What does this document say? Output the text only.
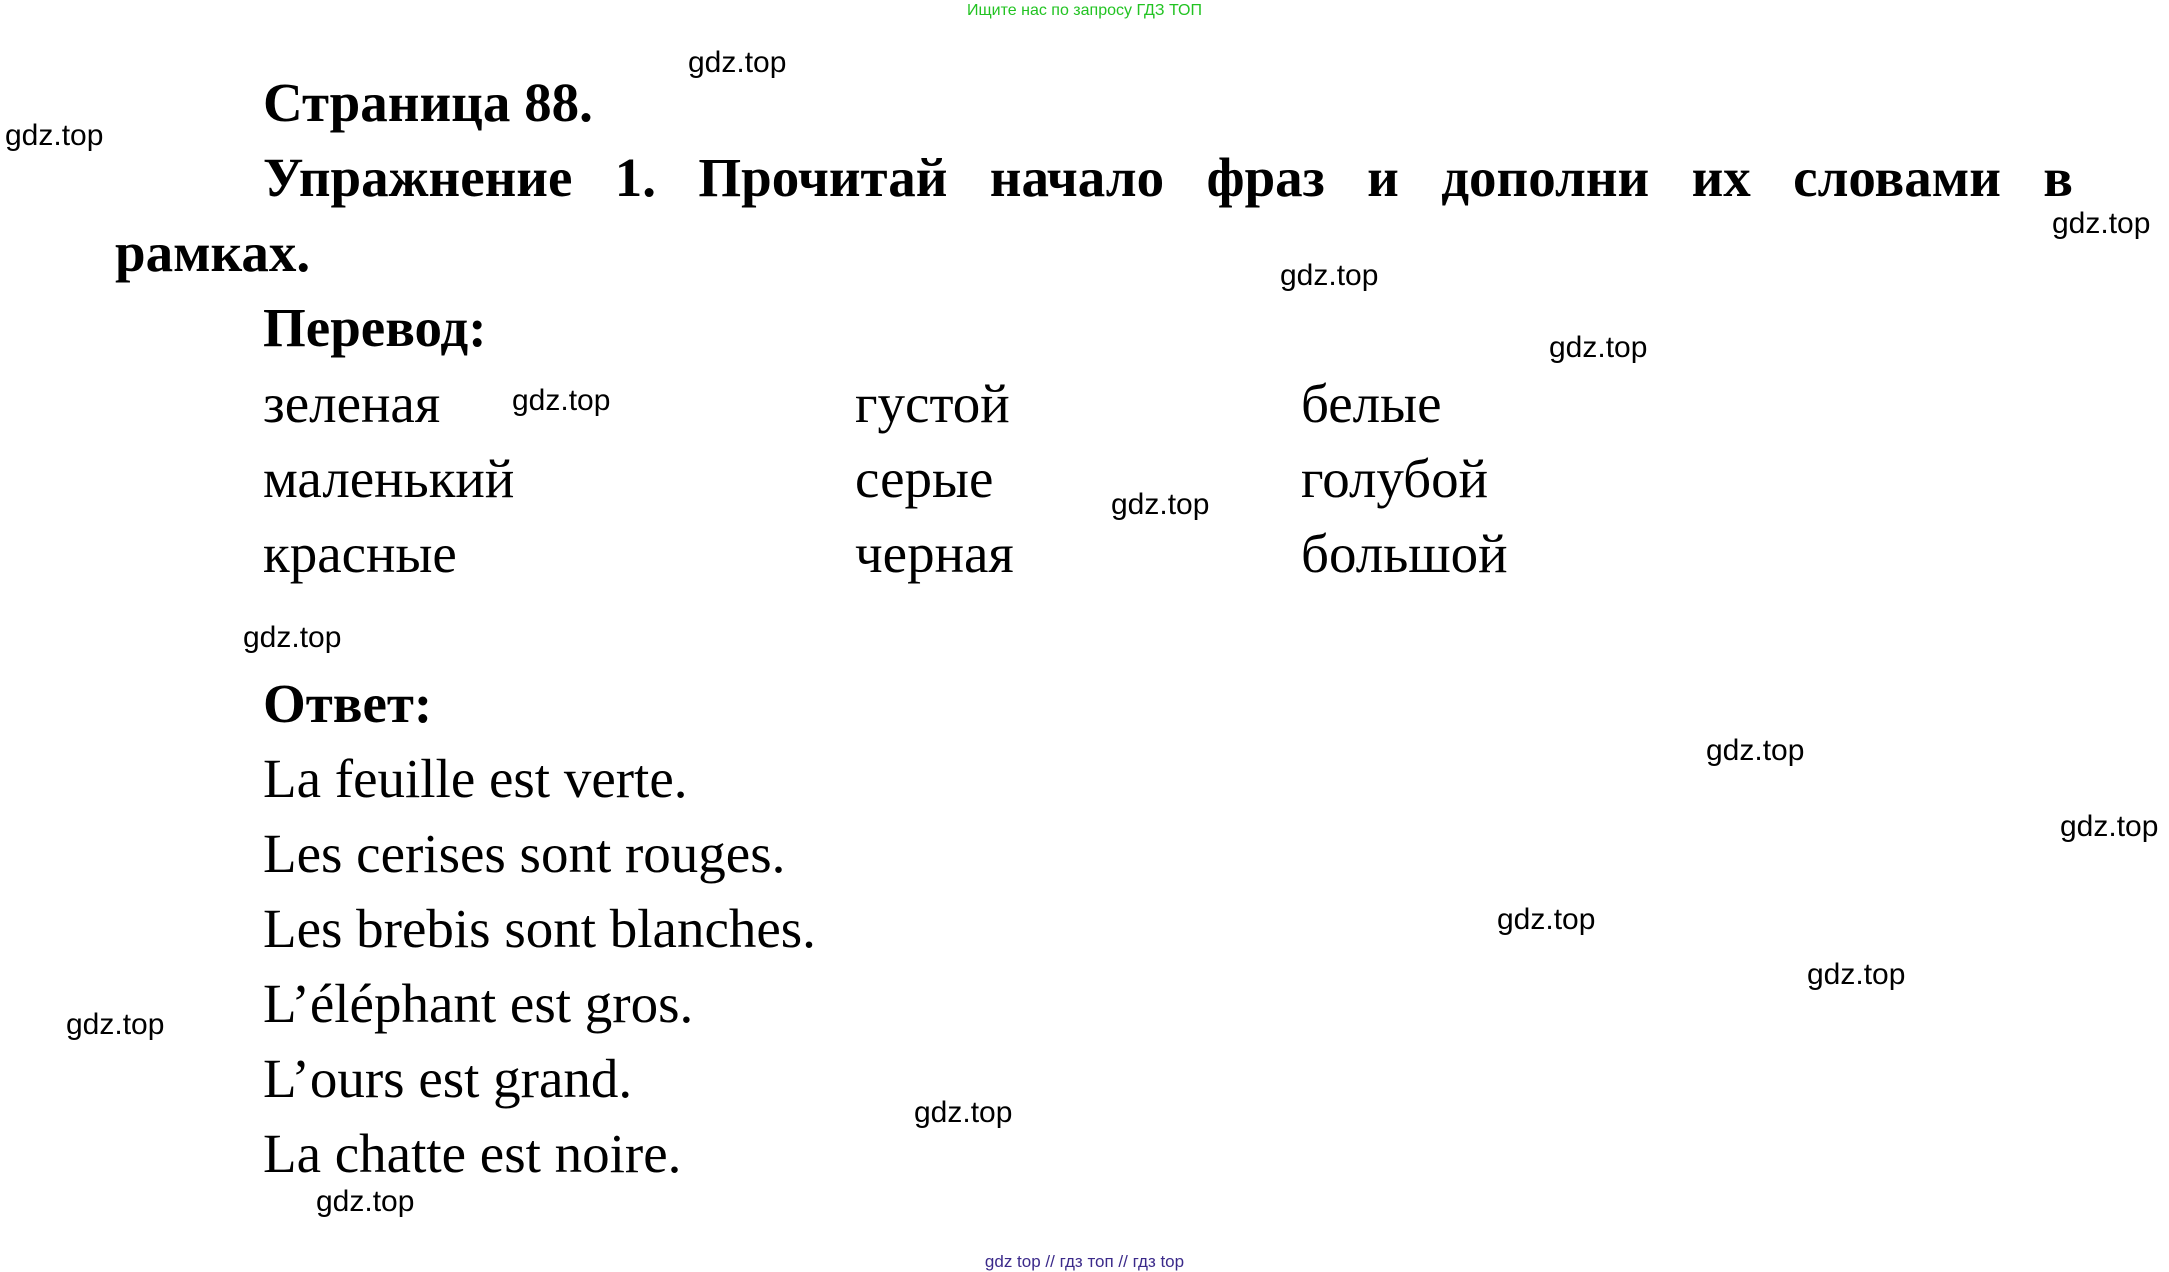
Ищите нас по запросу ГДЗ ТОП
Страница 88.
Упражнение 1. Прочитай начало фраз и дополни их словами в
рамках.
Перевод:
зеленая
маленький
красные
густой
серые
черная
белые
голубой
большой
Ответ:
La feuille est verte.
Les cerises sont rouges.
Les brebis sont blanches.
L’éléphant est gros.
L’ours est grand.
La chatte est noire.
gdz.top
gdz.top
gdz.top
gdz.top
gdz.top
gdz.top
gdz.top
gdz.top
gdz.top
gdz.top
gdz.top
gdz.top
gdz.top
gdz.top
gdz.top
gdz top // гдз топ // гдз top
